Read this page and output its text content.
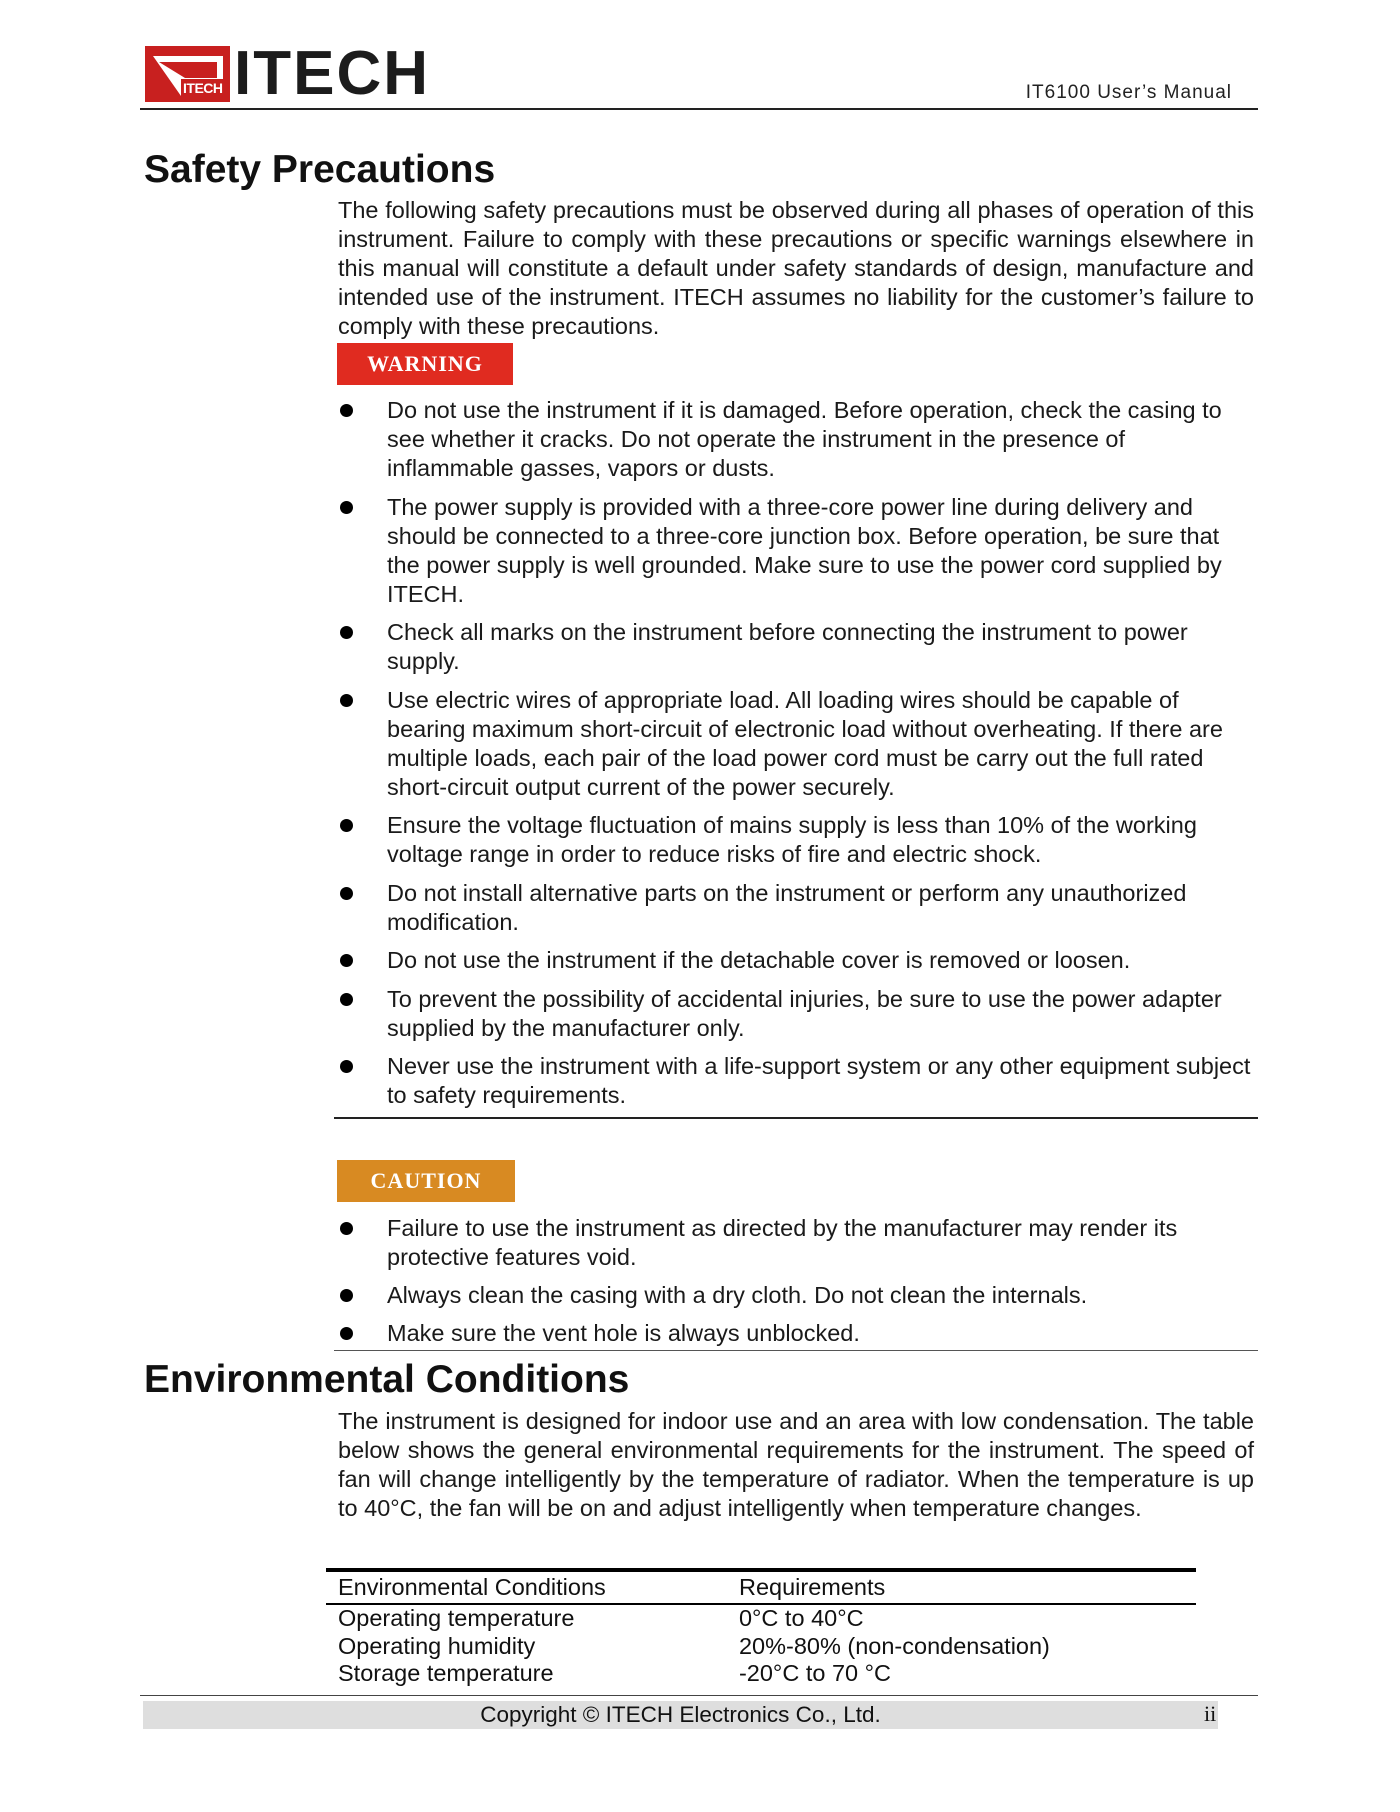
ITECH ITECH	IT6100 User’s Manual
Safety Precautions

The following safety precautions must be observed during all phases of operation of this instrument. Failure to comply with these precautions or specific warnings elsewhere in this manual will constitute a default under safety standards of design, manufacture and intended use of the instrument. ITECH assumes no liability for the customer’s failure to comply with these precautions.

WARNING
Do not use the instrument if it is damaged. Before operation, check the casing to see whether it cracks. Do not operate the instrument in the presence of inflammable gasses, vapors or dusts.
The power supply is provided with a three-core power line during delivery and should be connected to a three-core junction box. Before operation, be sure that the power supply is well grounded. Make sure to use the power cord supplied by ITECH.
Check all marks on the instrument before connecting the instrument to power supply.
Use electric wires of appropriate load. All loading wires should be capable of bearing maximum short-circuit of electronic load without overheating. If there are multiple loads, each pair of the load power cord must be carry out the full rated short-circuit output current of the power securely.
Ensure the voltage fluctuation of mains supply is less than 10% of the working voltage range in order to reduce risks of fire and electric shock.
Do not install alternative parts on the instrument or perform any unauthorized modification.
Do not use the instrument if the detachable cover is removed or loosen.
To prevent the possibility of accidental injuries, be sure to use the power adapter supplied by the manufacturer only.
Never use the instrument with a life-support system or any other equipment subject to safety requirements.
CAUTION
Failure to use the instrument as directed by the manufacturer may render its protective features void.
Always clean the casing with a dry cloth. Do not clean the internals.
Make sure the vent hole is always unblocked.
Environmental Conditions

The instrument is designed for indoor use and an area with low condensation. The table below shows the general environmental requirements for the instrument. The speed of fan will change intelligently by the temperature of radiator. When the temperature is up to 40°C, the fan will be on and adjust intelligently when temperature changes.

Environmental Conditions	Requirements
Operating temperature	0°C to 40°C
Operating humidity	20%-80% (non-condensation)
Storage temperature	-20°C to 70 °C
Copyright © ITECH Electronics Co., Ltd.	ii
